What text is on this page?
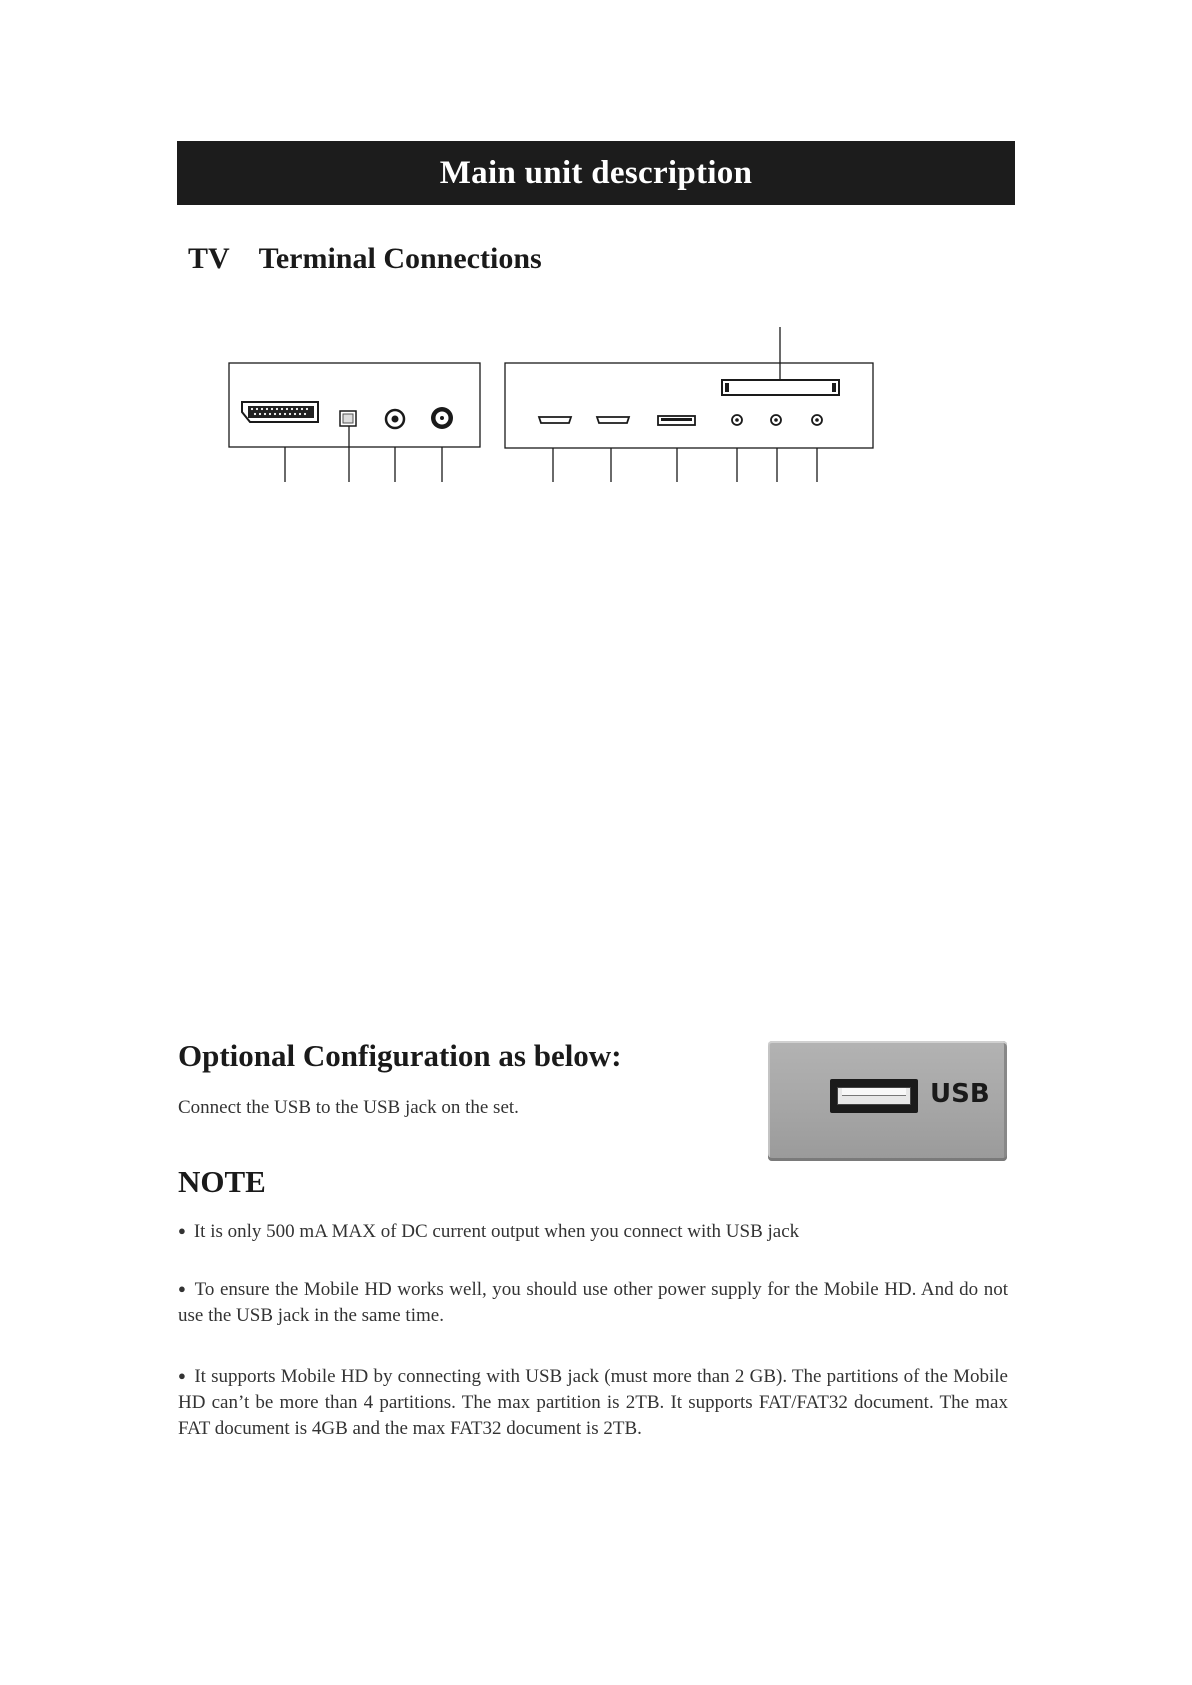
Main unit description
TV    Terminal Connections
Optional Configuration as below:
Connect the USB to the USB jack on the set.	USB
NOTE
● It is only 500 mA MAX of DC current output when you connect with USB jack
● To ensure the Mobile HD works well, you should use other power supply for the Mobile HD. And do not use the USB jack in the same time.
● It supports Mobile HD by connecting with USB jack (must more than 2 GB). The partitions of the Mobile HD can’t be more than 4 partitions. The max partition is 2TB. It supports FAT/FAT32 document. The max FAT document is 4GB and the max FAT32 document is 2TB.
